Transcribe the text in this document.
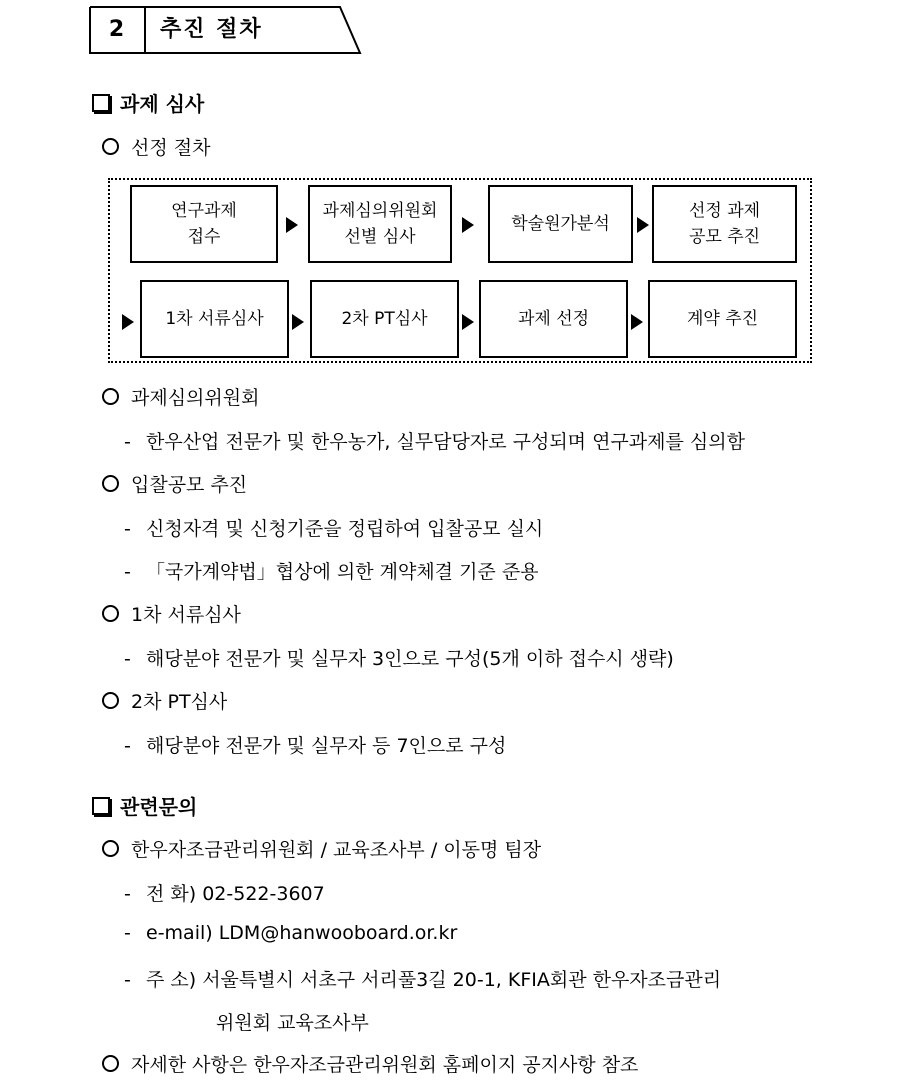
2	추진 절차
과제 심사
선정 절차
연구과제
접수
과제심의위원회
선별 심사
학술원가분석
선정 과제
공모 추진
1차 서류심사	2차 PT심사	과제 선정	계약 추진
과제심의위원회
- 한우산업 전문가 및 한우농가, 실무담당자로 구성되며 연구과제를 심의함
입찰공모 추진
- 신청자격 및 신청기준을 정립하여 입찰공모 실시
- 「국가계약법」협상에 의한 계약체결 기준 준용
1차 서류심사
- 해당분야 전문가 및 실무자 3인으로 구성(5개 이하 접수시 생략)
2차 PT심사
- 해당분야 전문가 및 실무자 등 7인으로 구성
관련문의
한우자조금관리위원회 / 교육조사부 / 이동명 팀장
- 전 화) 02-522-3607
- e-mail) LDM@hanwooboard.or.kr
- 주 소) 서울특별시 서초구 서리풀3길 20-1, KFIA회관 한우자조금관리
위원회 교육조사부
자세한 사항은 한우자조금관리위원회 홈페이지 공지사항 참조
